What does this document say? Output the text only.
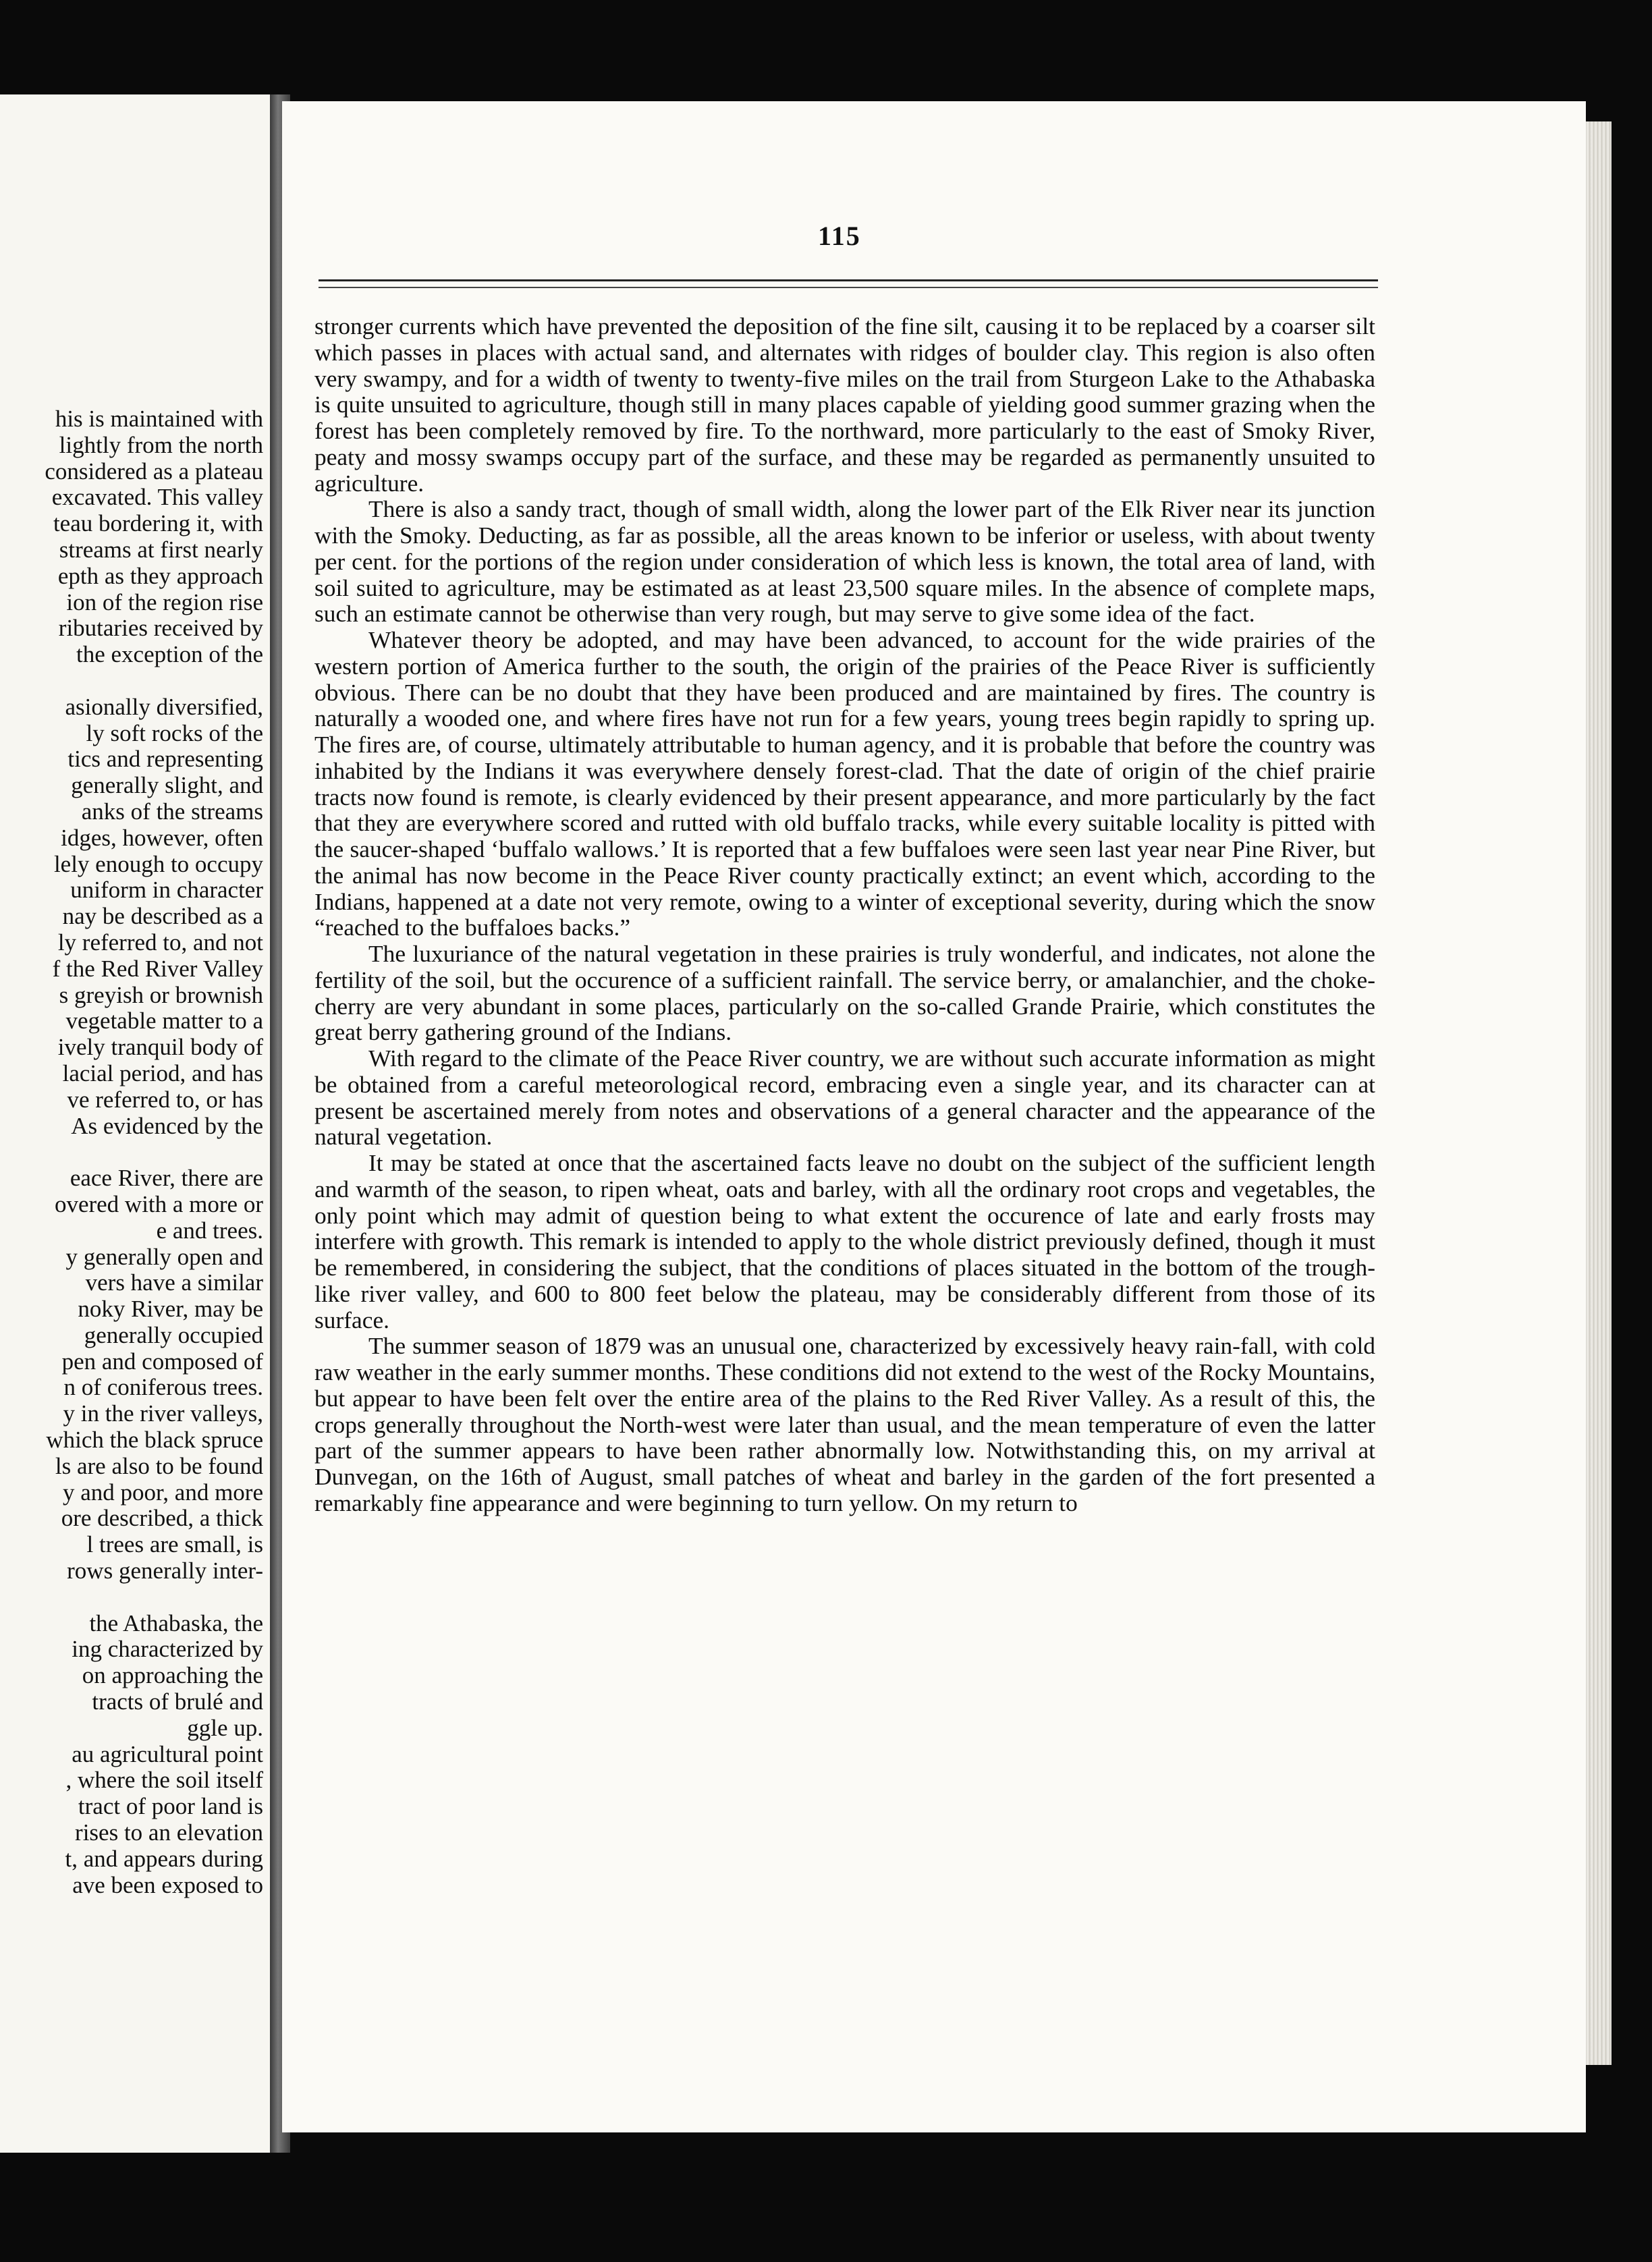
his is maintained with
lightly from the north
considered as a plateau
excavated. This valley
teau bordering it, with
streams at first nearly
epth as they approach
ion of the region rise
ributaries received by
the exception of the
asionally diversified,
ly soft rocks of the
tics and representing
generally slight, and
anks of the streams
idges, however, often
lely enough to occupy
uniform in character
nay be described as a
ly referred to, and not
f the Red River Valley
s greyish or brownish
vegetable matter to a
ively tranquil body of
lacial period, and has
ve referred to, or has
As evidenced by the
eace River, there are
overed with a more or
e and trees.
y generally open and
vers have a similar
noky River, may be
generally occupied
pen and composed of
n of coniferous trees.
y in the river valleys,
which the black spruce
ls are also to be found
y and poor, and more
ore described, a thick
l trees are small, is
rows generally inter-
the Athabaska, the
ing characterized by
on approaching the
tracts of brulé and
ggle up.
au agricultural point
, where the soil itself
tract of poor land is
rises to an elevation
t, and appears during
ave been exposed to
115

stronger currents which have prevented the deposition of the fine silt, causing it to be replaced by a coarser silt which passes in places with actual sand, and alternates with ridges of boulder clay. This region is also often very swampy, and for a width of twenty to twenty-five miles on the trail from Sturgeon Lake to the Athabaska is quite unsuited to agriculture, though still in many places capable of yielding good summer grazing when the forest has been completely removed by fire. To the northward, more particularly to the east of Smoky River, peaty and mossy swamps occupy part of the surface, and these may be regarded as permanently unsuited to agriculture.

There is also a sandy tract, though of small width, along the lower part of the Elk River near its junction with the Smoky. Deducting, as far as possible, all the areas known to be inferior or useless, with about twenty per cent. for the portions of the region under consideration of which less is known, the total area of land, with soil suited to agriculture, may be estimated as at least 23,500 square miles. In the absence of complete maps, such an estimate cannot be otherwise than very rough, but may serve to give some idea of the fact.

Whatever theory be adopted, and may have been advanced, to account for the wide prairies of the western portion of America further to the south, the origin of the prairies of the Peace River is sufficiently obvious. There can be no doubt that they have been produced and are maintained by fires. The country is naturally a wooded one, and where fires have not run for a few years, young trees begin rapidly to spring up. The fires are, of course, ultimately attributable to human agency, and it is probable that before the country was inhabited by the Indians it was everywhere densely forest-clad. That the date of origin of the chief prairie tracts now found is remote, is clearly evidenced by their present appearance, and more particularly by the fact that they are everywhere scored and rutted with old buffalo tracks, while every suitable locality is pitted with the saucer-shaped ‘buffalo wallows.’ It is reported that a few buffaloes were seen last year near Pine River, but the animal has now become in the Peace River county practically extinct; an event which, according to the Indians, happened at a date not very remote, owing to a winter of exceptional severity, during which the snow “reached to the buffaloes backs.”

The luxuriance of the natural vegetation in these prairies is truly wonderful, and indicates, not alone the fertility of the soil, but the occurence of a sufficient rainfall. The service berry, or amalanchier, and the choke-cherry are very abundant in some places, particularly on the so-called Grande Prairie, which constitutes the great berry gathering ground of the Indians.

With regard to the climate of the Peace River country, we are without such accurate information as might be obtained from a careful meteorological record, embracing even a single year, and its character can at present be ascertained merely from notes and observations of a general character and the appearance of the natural vegetation.

It may be stated at once that the ascertained facts leave no doubt on the subject of the sufficient length and warmth of the season, to ripen wheat, oats and barley, with all the ordinary root crops and vegetables, the only point which may admit of question being to what extent the occurence of late and early frosts may interfere with growth. This remark is intended to apply to the whole district previously defined, though it must be remembered, in considering the subject, that the conditions of places situated in the bottom of the trough-like river valley, and 600 to 800 feet below the plateau, may be considerably different from those of its surface.

The summer season of 1879 was an unusual one, characterized by excessively heavy rain-fall, with cold raw weather in the early summer months. These conditions did not extend to the west of the Rocky Mountains, but appear to have been felt over the entire area of the plains to the Red River Valley. As a result of this, the crops generally throughout the North-west were later than usual, and the mean temperature of even the latter part of the summer appears to have been rather abnormally low. Notwithstanding this, on my arrival at Dunvegan, on the 16th of August, small patches of wheat and barley in the garden of the fort presented a remarkably fine appearance and were beginning to turn yellow. On my return to
